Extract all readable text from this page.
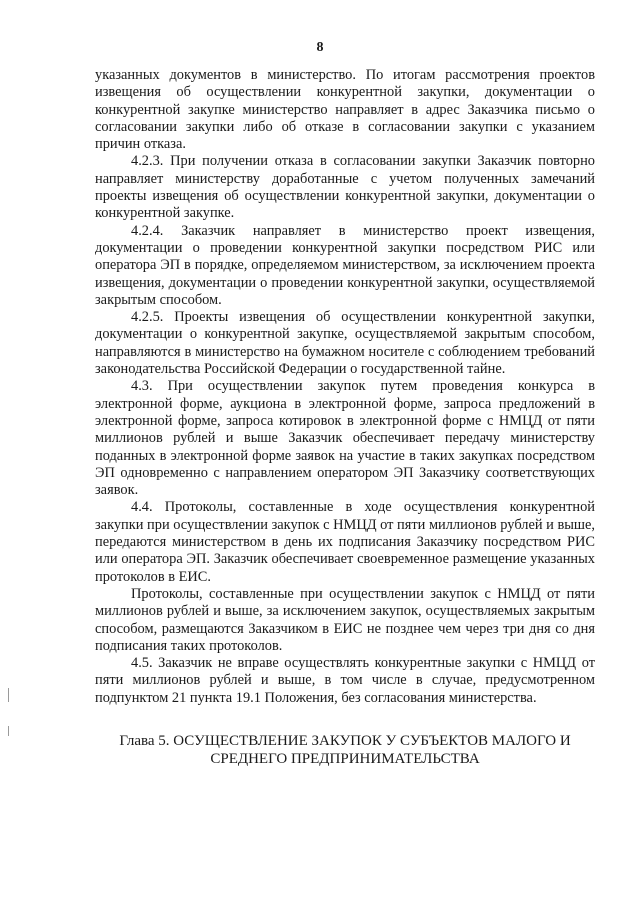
8

указанных документов в министерство. По итогам рассмотрения проектов извещения об осуществлении конкурентной закупки, документации о конкурентной закупке министерство направляет в адрес Заказчика письмо о согласовании закупки либо об отказе в согласовании закупки с указанием причин отказа.

4.2.3. При получении отказа в согласовании закупки Заказчик повторно направляет министерству доработанные с учетом полученных замечаний проекты извещения об осуществлении конкурентной закупки, документации о конкурентной закупке.

4.2.4. Заказчик направляет в министерство проект извещения, документации о проведении конкурентной закупки посредством РИС или оператора ЭП в порядке, определяемом министерством, за исключением проекта извещения, документации о проведении конкурентной закупки, осуществляемой закрытым способом.

4.2.5. Проекты извещения об осуществлении конкурентной закупки, документации о конкурентной закупке, осуществляемой закрытым способом, направляются в министерство на бумажном носителе с соблюдением требований законодательства Российской Федерации о государственной тайне.

4.3. При осуществлении закупок путем проведения конкурса в электронной форме, аукциона в электронной форме, запроса предложений в электронной форме, запроса котировок в электронной форме с НМЦД от пяти миллионов рублей и выше Заказчик обеспечивает передачу министерству поданных в электронной форме заявок на участие в таких закупках посредством ЭП одновременно с направлением оператором ЭП Заказчику соответствующих заявок.

4.4. Протоколы, составленные в ходе осуществления конкурентной закупки при осуществлении закупок с НМЦД от пяти миллионов рублей и выше, передаются министерством в день их подписания Заказчику посредством РИС или оператора ЭП. Заказчик обеспечивает своевременное размещение указанных протоколов в ЕИС.

Протоколы, составленные при осуществлении закупок с НМЦД от пяти миллионов рублей и выше, за исключением закупок, осуществляемых закрытым способом, размещаются Заказчиком в ЕИС не позднее чем через три дня со дня подписания таких протоколов.

4.5. Заказчик не вправе осуществлять конкурентные закупки с НМЦД от пяти миллионов рублей и выше, в том числе в случае, предусмотренном подпунктом 21 пункта 19.1 Положения, без согласования министерства.

Глава 5. ОСУЩЕСТВЛЕНИЕ ЗАКУПОК У СУБЪЕКТОВ МАЛОГО И СРЕДНЕГО ПРЕДПРИНИМАТЕЛЬСТВА
